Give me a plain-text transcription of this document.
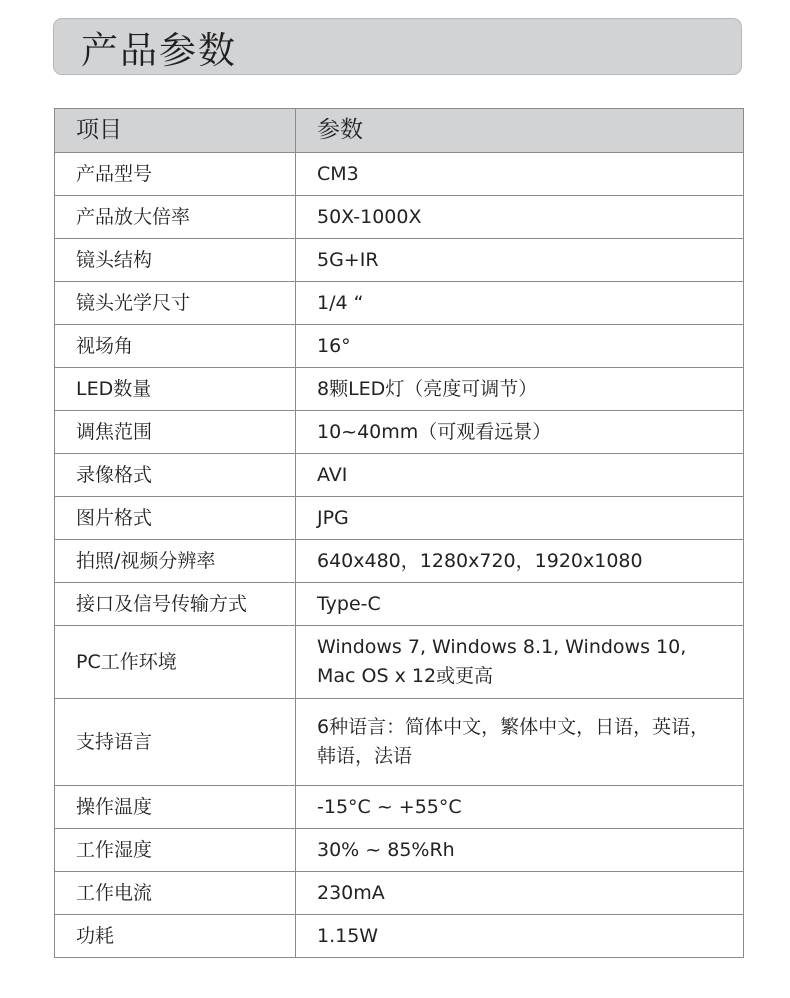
产品参数
项目	参数
产品型号	CM3
产品放大倍率	50X-1000X
镜头结构	5G+IR
镜头光学尺寸	1/4 “
视场角	16°
LED数量	8颗LED灯（亮度可调节）
调焦范围	10~40mm（可观看远景）
录像格式	AVI
图片格式	JPG
拍照/视频分辨率	640x480，1280x720，1920x1080
接口及信号传输方式	Type-C
PC工作环境	Windows 7, Windows 8.1, Windows 10,
Mac OS x 12或更高

支持语言	6种语言：简体中文，繁体中文，日语，英语，
韩语，法语

操作温度	-15°C ~ +55°C
工作湿度	30% ~ 85%Rh
工作电流	230mA
功耗	1.15W
